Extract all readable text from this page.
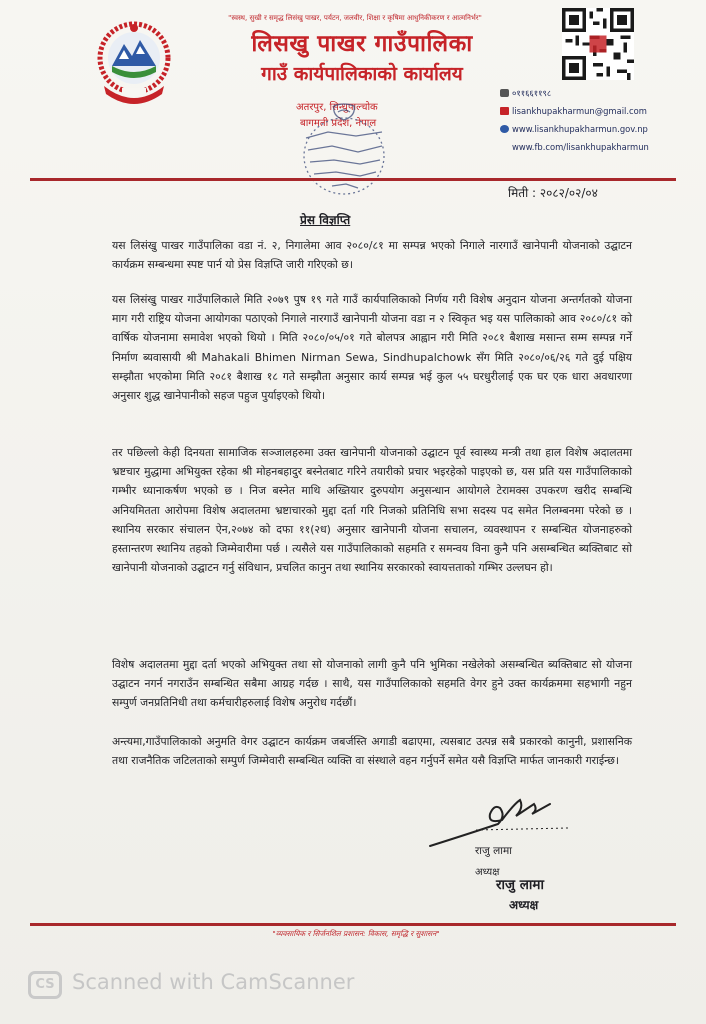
"स्वस्थ, सुखी र समृद्ध लिसंखु पाखर, पर्यटन, जलवीर, शिक्षा र कृषिमा आधुनिकीकरण र आत्मनिर्भर"
लिसखु पाखर गाउँपालिका
गाउँ कार्यपालिकाको कार्यालय
अतरपुर, सिन्धुपाल्चोक
बागमती प्रदेश, नेपाल
०११६६११९८
lisankhupakharmun@gmail.com
www.lisankhupakharmun.gov.np
www.fb.com/lisankhupakharmun
मिती : २०८२/०२/०४
प्रेस विज्ञप्ति
यस लिसंखु पाखर गाउँपालिका वडा नं. २, निगालेमा आव २०८०/८१ मा सम्पन्न भएको निगाले नारगाउँ खानेपानी योजनाको उद्घाटन कार्यक्रम सम्बन्धमा स्पष्ट पार्न यो प्रेस विज्ञप्ति जारी गरिएको छ।
यस लिसंखु पाखर गाउँपालिकाले मिति २०७९ पुष १९ गते गाउँ कार्यपालिकाको निर्णय गरी विशेष अनुदान योजना अन्तर्गतको योजना माग गरी राष्ट्रिय योजना आयोगका पठाएको निगाले नारगाउँ खानेपानी योजना वडा न २ स्विकृत भइ यस पालिकाको आव २०८०/८१ को वार्षिक योजनामा समावेश भएको थियो । मिति २०८०/०५/०१ गते बोलपत्र आह्वान गरी मिति २०८१ बैशाख मसान्त सम्म सम्पन्न गर्ने निर्माण ब्यवासायी श्री Mahakali Bhimen Nirman Sewa, Sindhupalchowk सँग मिति २०८०/०६/२६ गते दुई पक्षिय सम्झौता भएकोमा मिति २०८१ बैशाख १८ गते सम्झौता अनुसार कार्य सम्पन्न भई कुल ५५ घरधुरीलाई एक घर एक धारा अवधारणा अनुसार शुद्ध खानेपानीको सहज पहुज पुर्याइएको थियो।
तर पछिल्लो केही दिनयता सामाजिक सञ्जालहरुमा उक्त खानेपानी योजनाको उद्घाटन पूर्व स्वास्थ्य मन्त्री तथा हाल विशेष अदालतमा भ्रष्टचार मुद्धामा अभियुक्त रहेका श्री मोहनबहादुर बस्नेतबाट गरिने तयारीको प्रचार भइरहेको पाइएको छ, यस प्रति यस गाउँपालिकाको गम्भीर ध्यानाकर्षण भएको छ । निज बस्नेत माथि अख्तियार दुरुपयोग अनुसन्धान आयोगले टेरामक्स उपकरण खरीद सम्बन्धि अनियमितता आरोपमा विशेष अदालतमा भ्रष्टाचारको मुद्दा दर्ता गरि निजको प्रतिनिधि सभा सदस्य पद समेत निलम्बनमा परेको छ । स्थानिय सरकार संचालन ऐन,२०७४ को दफा ११(२ध) अनुसार खानेपानी योजना सचालन, व्यवस्थापन र सम्बन्धित योजनाहरुको हस्तान्तरण स्थानिय तहको जिम्मेवारीमा पर्छ । त्यसैले यस गाउँपालिकाको सहमति र समन्वय विना कुनै पनि असम्बन्धित ब्यक्तिबाट सो खानेपानी योजनाको उद्घाटन गर्नु संविधान, प्रचलित कानुन तथा स्थानिय सरकारको स्वायत्तताको गम्भिर उल्लघन हो।
विशेष अदालतमा मुद्दा दर्ता भएको अभियुक्त तथा सो योजनाको लागी कुनै पनि भुमिका नखेलेको असम्बन्धित ब्यक्तिबाट सो योजना उद्घाटन नगर्न नगराउँन सम्बन्धित सबैमा आग्रह गर्दछ । साथै, यस गाउँपालिकाको सहमति वेगर हुने उक्त कार्यक्रममा सहभागी नहुन सम्पुर्ण जनप्रतिनिधी तथा कर्मचारीहरुलाई विशेष अनुरोध गर्दछौं।
अन्त्यमा,गाउँपालिकाको अनुमति वेगर उद्घाटन कार्यक्रम जबर्जस्ति अगाडी बढाएमा, त्यसबाट उत्पन्न सबै प्रकारको कानुनी, प्रशासनिक तथा राजनैतिक जटिलताको सम्पुर्ण जिम्मेवारी सम्बन्धित व्यक्ति वा संस्थाले वहन गर्नुपर्ने समेत यसै विज्ञप्ति मार्फत जानकारी गराईन्छ।
राजु लामा
अध्यक्ष
राजु लामा
अध्यक्ष
"व्यवसायिक र सिर्जनशिल प्रशासन: विकास, समृद्धि र सुशासन"
CS Scanned with CamScanner
